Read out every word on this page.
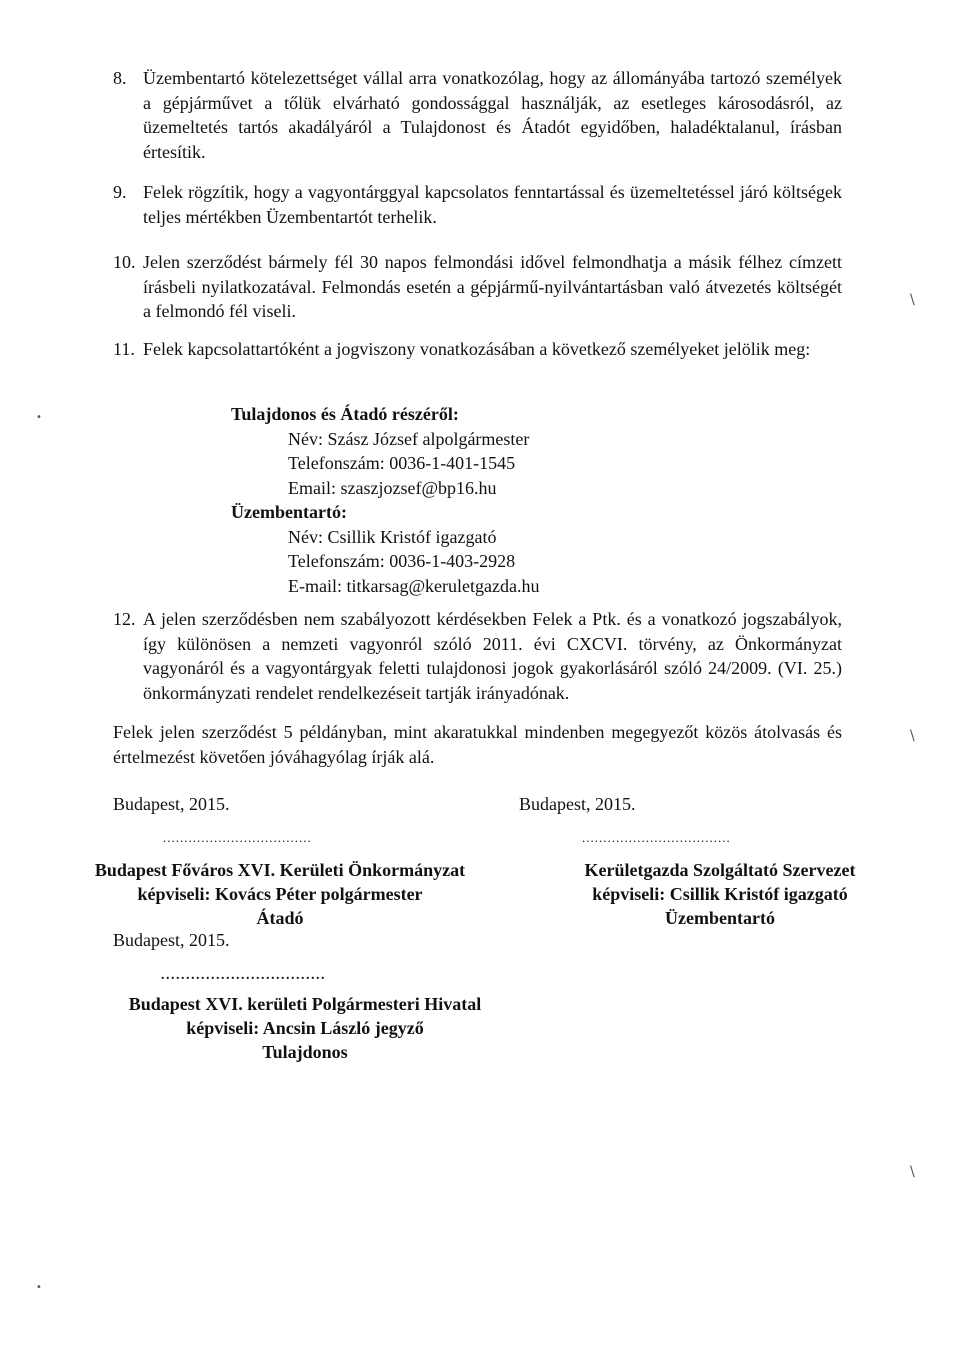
8. Üzembentartó kötelezettséget vállal arra vonatkozólag, hogy az állományába tartozó személyek a gépjárművet a tőlük elvárható gondossággal használják, az esetleges károsodásról, az üzemeltetés tartós akadályáról a Tulajdonost és Átadót egyidőben, haladéktalanul, írásban értesítik.
9. Felek rögzítik, hogy a vagyontárggyal kapcsolatos fenntartással és üzemeltetéssel járó költségek teljes mértékben Üzembentartót terhelik.
10. Jelen szerződést bármely fél 30 napos felmondási idővel felmondhatja a másik félhez címzett írásbeli nyilatkozatával. Felmondás esetén a gépjármű-nyilvántartásban való átvezetés költségét a felmondó fél viseli.
11. Felek kapcsolattartóként a jogviszony vonatkozásában a következő személyeket jelölik meg:
Tulajdonos és Átadó részéről:
Név: Szász József alpolgármester
Telefonszám: 0036-1-401-1545
Email: szaszjozsef@bp16.hu
Üzembentartó:
Név: Csillik Kristóf igazgató
Telefonszám: 0036-1-403-2928
E-mail: titkarsag@keruletgazda.hu
12. A jelen szerződésben nem szabályozott kérdésekben Felek a Ptk. és a vonatkozó jogszabályok, így különösen a nemzeti vagyonról szóló 2011. évi CXCVI. törvény, az Önkormányzat vagyonáról és a vagyontárgyak feletti tulajdonosi jogok gyakorlásáról szóló 24/2009. (VI. 25.) önkormányzati rendelet rendelkezéseit tartják irányadónak.
Felek jelen szerződést 5 példányban, mint akaratukkal mindenben megegyezőt közös átolvasás és értelmezést követően jóváhagyólag írják alá.
Budapest, 2015.	Budapest, 2015.
...................................	...................................
Budapest Főváros XVI. Kerületi Önkormányzat
képviseli: Kovács Péter polgármester
Átadó
Kerületgazda Szolgáltató Szervezet
képviseli: Csillik Kristóf igazgató
Üzembentartó
Budapest, 2015.
.................................
Budapest XVI. kerületi Polgármesteri Hivatal
képviseli: Ancsin László jegyző
Tulajdonos
\
\
\
•
•
